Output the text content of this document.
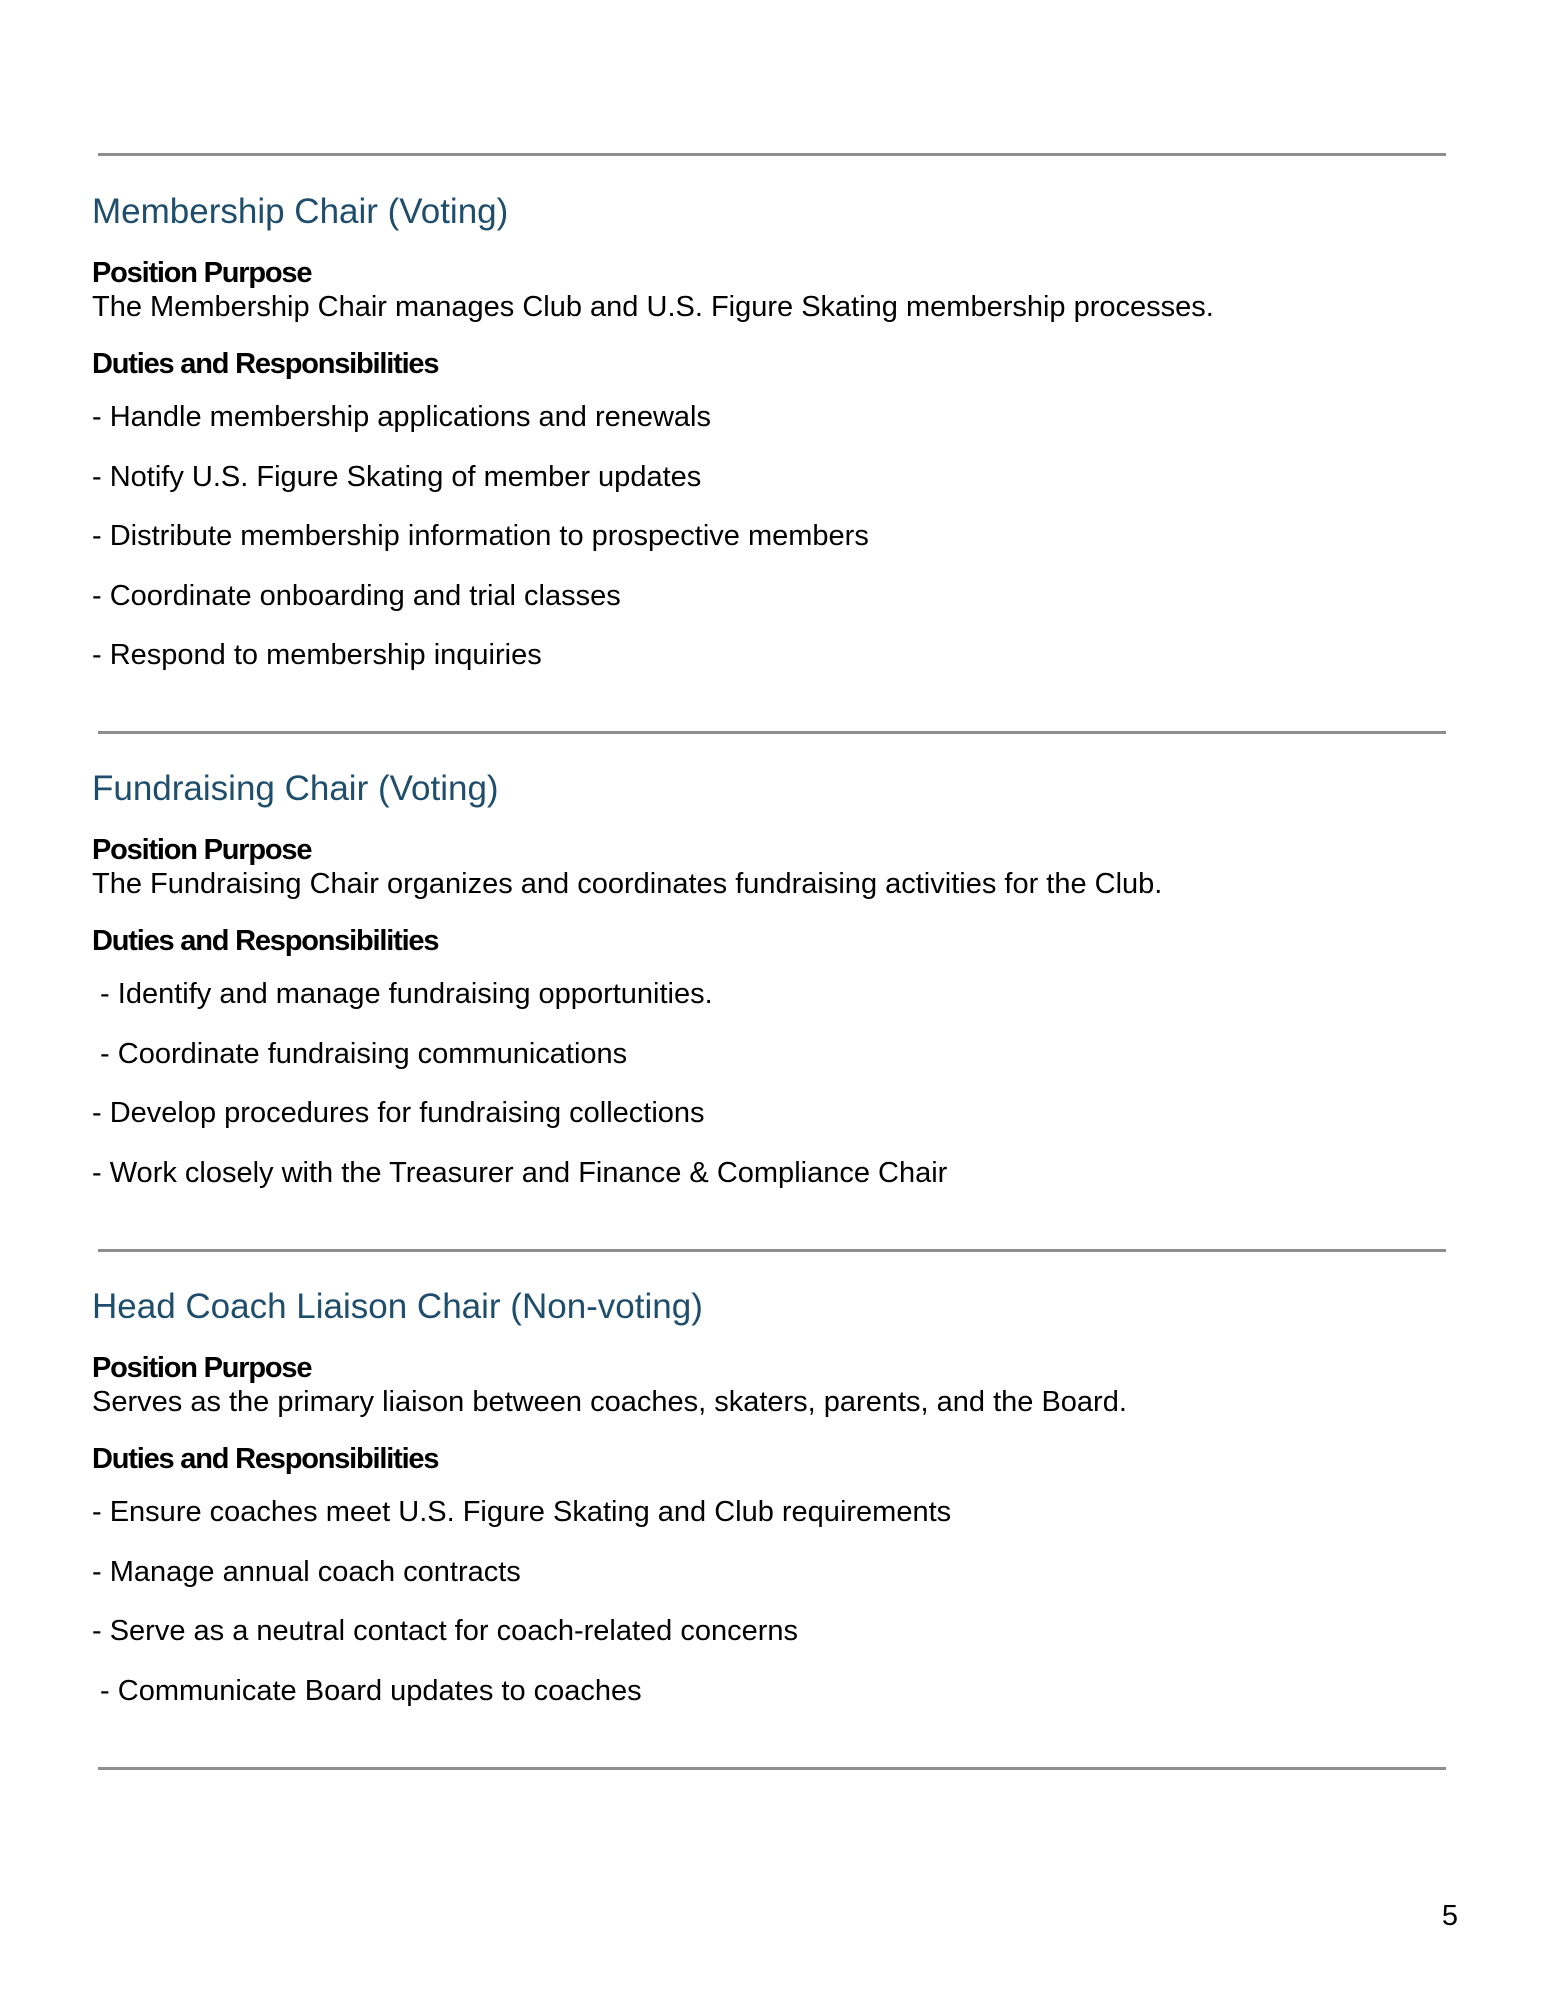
Membership Chair (Voting)

Position Purpose

The Membership Chair manages Club and U.S. Figure Skating membership processes.

Duties and Responsibilities

- Handle membership applications and renewals
- Notify U.S. Figure Skating of member updates
- Distribute membership information to prospective members
- Coordinate onboarding and trial classes
- Respond to membership inquiries
Fundraising Chair (Voting)

Position Purpose

The Fundraising Chair organizes and coordinates fundraising activities for the Club.

Duties and Responsibilities

- Identify and manage fundraising opportunities.
- Coordinate fundraising communications
- Develop procedures for fundraising collections
- Work closely with the Treasurer and Finance & Compliance Chair
Head Coach Liaison Chair (Non-voting)

Position Purpose

Serves as the primary liaison between coaches, skaters, parents, and the Board.

Duties and Responsibilities

- Ensure coaches meet U.S. Figure Skating and Club requirements
- Manage annual coach contracts
- Serve as a neutral contact for coach-related concerns
- Communicate Board updates to coaches
5
